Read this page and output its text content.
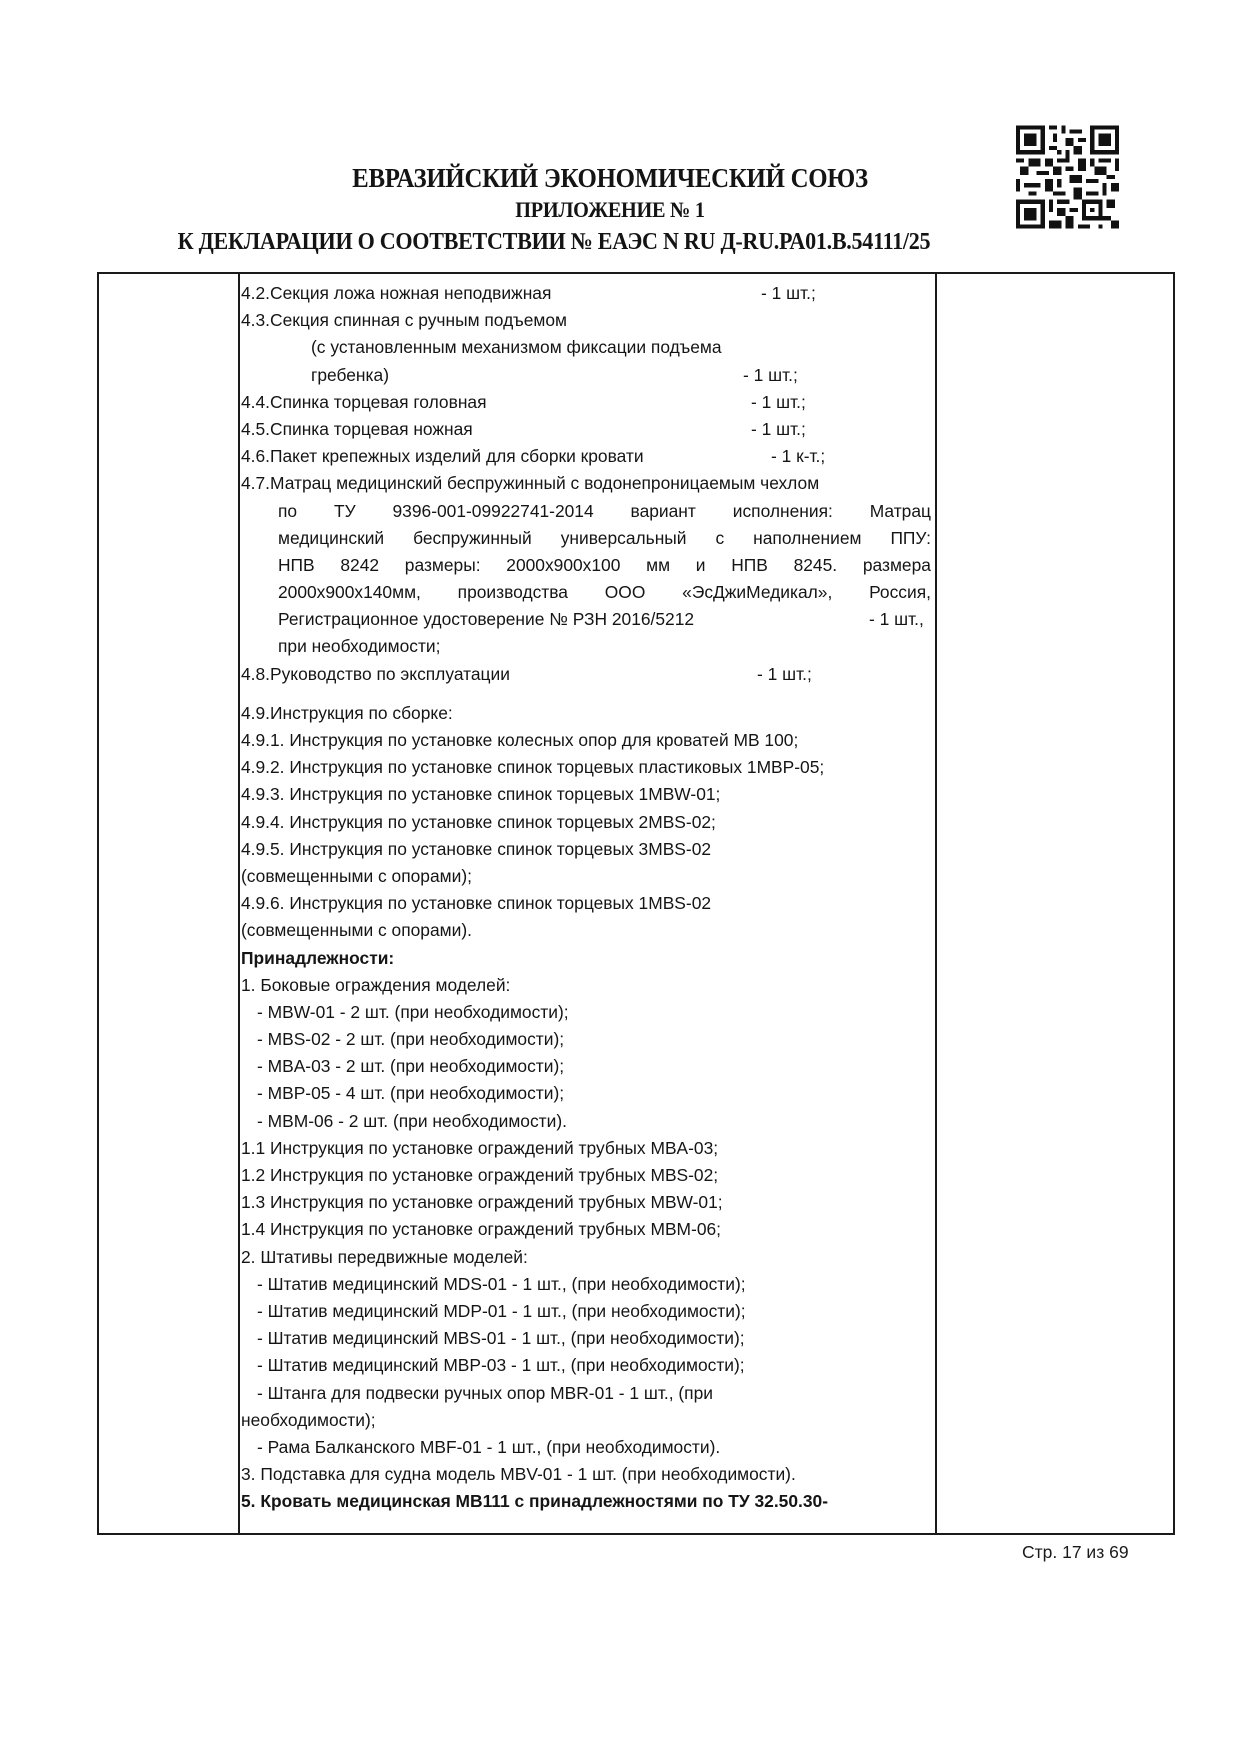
ЕВРАЗИЙСКИЙ ЭКОНОМИЧЕСКИЙ СОЮЗ
ПРИЛОЖЕНИЕ № 1
К ДЕКЛАРАЦИИ О СООТВЕТСТВИИ № ЕАЭС N RU Д-RU.РА01.В.54111/25
4.2.Секция ложа ножная неподвижная	- 1 шт.;
4.3.Секция спинная с ручным подъемом
(с установленным механизмом фиксации подъема
гребенка)	- 1 шт.;
4.4.Спинка торцевая головная	- 1 шт.;
4.5.Спинка торцевая ножная	- 1 шт.;
4.6.Пакет крепежных изделий для сборки кровати	- 1 к-т.;
4.7.Матрац медицинский беспружинный с водонепроницаемым чехлом
по ТУ 9396-001-09922741-2014 вариант исполнения: Матрац
медицинский беспружинный универсальный с наполнением ППУ:
НПВ 8242 размеры: 2000х900х100 мм и НПВ 8245. размера
2000х900х140мм, производства ООО «ЭсДжиМедикал», Россия,
Регистрационное удостоверение № РЗН 2016/5212	- 1 шт.,
при необходимости;
4.8.Руководство по эксплуатации	- 1 шт.;
4.9.Инструкция по сборке:
4.9.1. Инструкция по установке колесных опор для кроватей МВ 100;
4.9.2. Инструкция по установке спинок торцевых пластиковых 1MBP-05;
4.9.3. Инструкция по установке спинок торцевых 1MBW-01;
4.9.4. Инструкция по установке спинок торцевых 2MBS-02;
4.9.5. Инструкция по установке спинок торцевых 3MBS-02
(совмещенными с опорами);
4.9.6. Инструкция по установке спинок торцевых 1MBS-02
(совмещенными с опорами).
Принадлежности:
1. Боковые ограждения моделей:
- MBW-01 - 2 шт. (при необходимости);
- MBS-02 - 2 шт. (при необходимости);
- MBA-03 - 2 шт. (при необходимости);
- MBP-05 - 4 шт. (при необходимости);
- MBM-06 - 2 шт. (при необходимости).
1.1 Инструкция по установке ограждений трубных MBA-03;
1.2 Инструкция по установке ограждений трубных MBS-02;
1.3 Инструкция по установке ограждений трубных MBW-01;
1.4 Инструкция по установке ограждений трубных MBM-06;
2. Штативы передвижные моделей:
- Штатив медицинский MDS-01 - 1 шт., (при необходимости);
- Штатив медицинский MDP-01 - 1 шт., (при необходимости);
- Штатив медицинский MBS-01 - 1 шт., (при необходимости);
- Штатив медицинский MBP-03 - 1 шт., (при необходимости);
- Штанга для подвески ручных опор MBR-01 - 1 шт., (при
необходимости);
- Рама Балканского MBF-01 - 1 шт., (при необходимости).
3. Подставка для судна модель MBV-01 - 1 шт. (при необходимости).
5. Кровать медицинская МВ111 с принадлежностями по ТУ 32.50.30-
Стр. 17 из 69
